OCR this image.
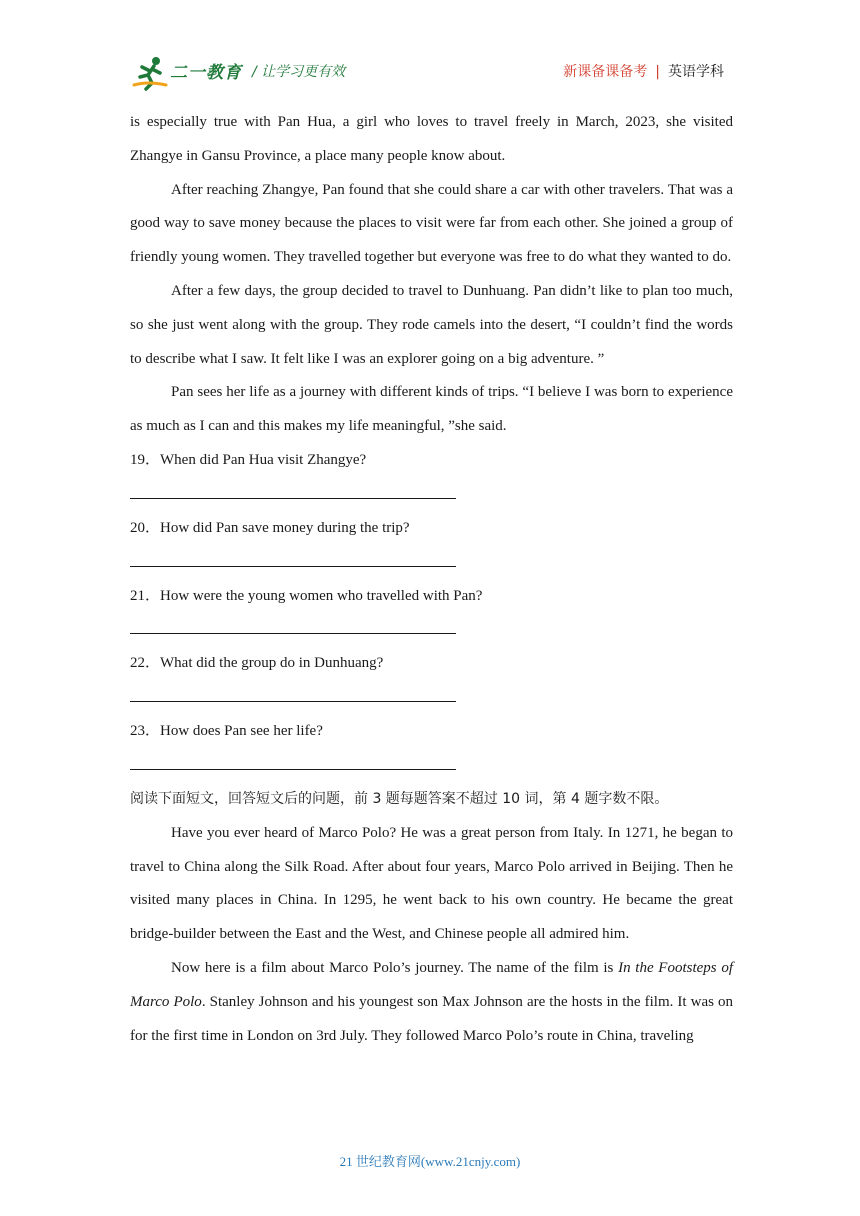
二一教育 / 让学习更有效	新课备课备考 | 英语学科

is especially true with Pan Hua, a girl who loves to travel freely in March, 2023, she visited Zhangye in Gansu Province, a place many people know about.

After reaching Zhangye, Pan found that she could share a car with other travelers. That was a good way to save money because the places to visit were far from each other. She joined a group of friendly young women. They travelled together but everyone was free to do what they wanted to do.

After a few days, the group decided to travel to Dunhuang. Pan didn’t like to plan too much, so she just went along with the group. They rode camels into the desert, “I couldn’t find the words to describe what I saw. It felt like I was an explorer going on a big adventure. ”

Pan sees her life as a journey with different kinds of trips. “I believe I was born to experience as much as I can and this makes my life meaningful, ”she said.

19．When did Pan Hua visit Zhangye?

20．How did Pan save money during the trip?

21．How were the young women who travelled with Pan?

22．What did the group do in Dunhuang?

23．How does Pan see her life?

阅读下面短文，回答短文后的问题，前 3 题每题答案不超过 10 词，第 4 题字数不限。

Have you ever heard of Marco Polo? He was a great person from Italy. In 1271, he began to travel to China along the Silk Road. After about four years, Marco Polo arrived in Beijing. Then he visited many places in China. In 1295, he went back to his own country. He became the great bridge-builder between the East and the West, and Chinese people all admired him.

Now here is a film about Marco Polo’s journey. The name of the film is In the Footsteps of Marco Polo. Stanley Johnson and his youngest son Max Johnson are the hosts in the film. It was on for the first time in London on 3rd July. They followed Marco Polo’s route in China, traveling

21 世纪教育网(www.21cnjy.com)
